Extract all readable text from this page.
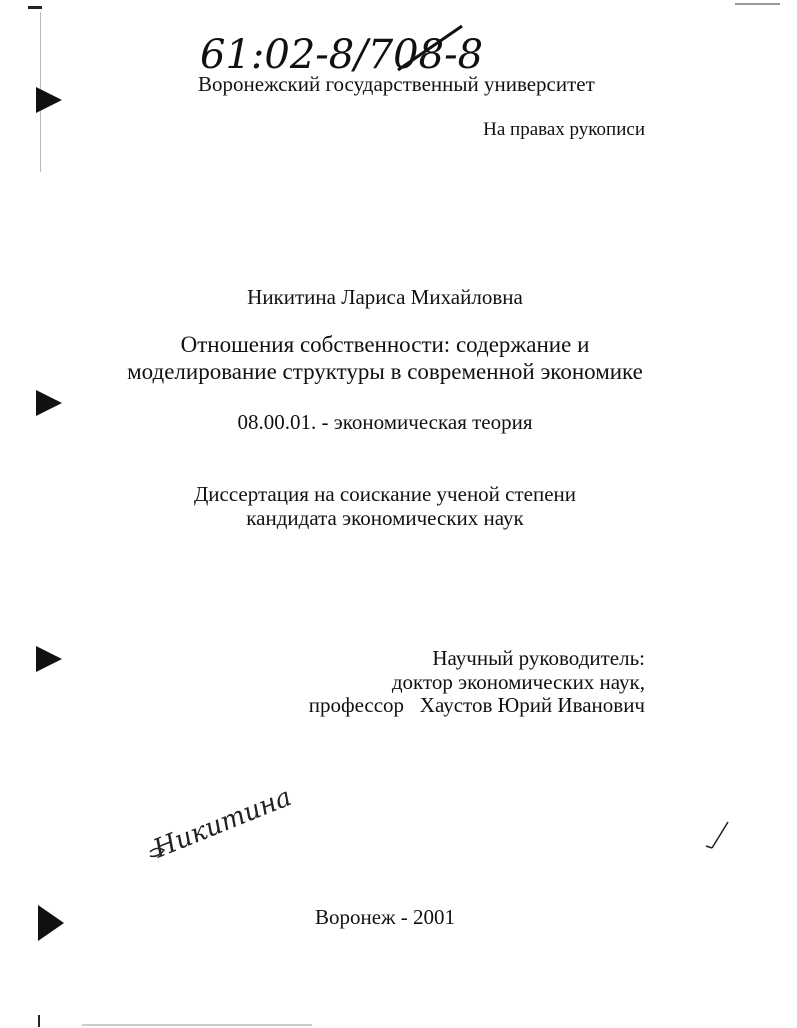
61:02-8/708-8
Воронежский государственный университет
На правах рукописи
Никитина Лариса Михайловна
Отношения собственности: содержание и
моделирование структуры в современной экономике
08.00.01. - экономическая теория
Диссертация на соискание ученой степени
кандидата экономических наук
Научный руководитель:
доктор экономических наук,
профессор   Хаустов Юрий Иванович
Никитина
Воронеж - 2001
